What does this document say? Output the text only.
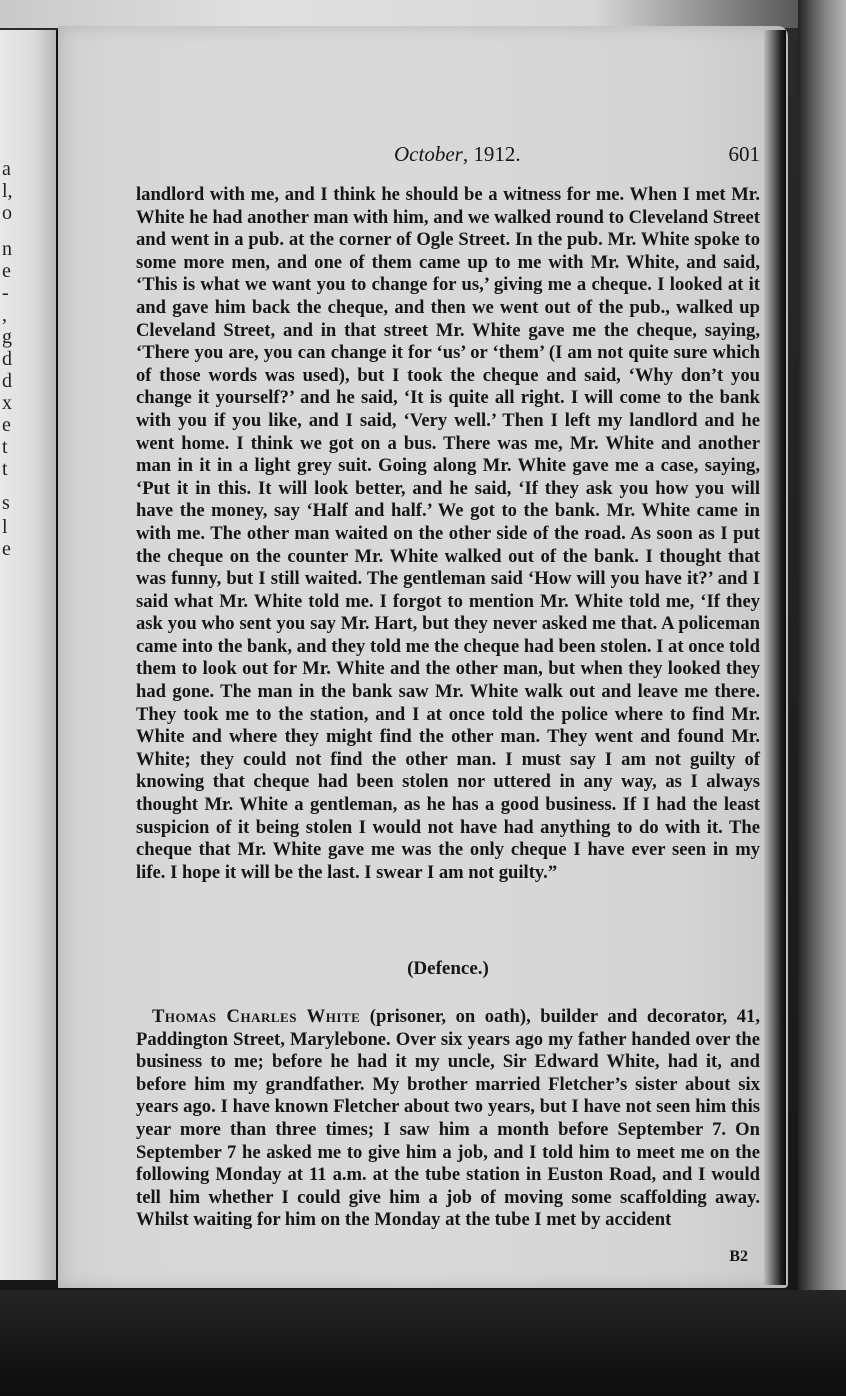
a
l,
o
n
e
-
,
g
d
d
x
e
t
t
s
l
e
October, 1912.	601

landlord with me, and I think he should be a witness for me. When I met Mr. White he had another man with him, and we walked round to Cleveland Street and went in a pub. at the corner of Ogle Street. In the pub. Mr. White spoke to some more men, and one of them came up to me with Mr. White, and said, ‘This is what we want you to change for us,’ giving me a cheque. I looked at it and gave him back the cheque, and then we went out of the pub., walked up Cleveland Street, and in that street Mr. White gave me the cheque, saying, ‘There you are, you can change it for ‘us’ or ‘them’ (I am not quite sure which of those words was used), but I took the cheque and said, ‘Why don’t you change it yourself?’ and he said, ‘It is quite all right. I will come to the bank with you if you like, and I said, ‘Very well.’ Then I left my landlord and he went home. I think we got on a bus. There was me, Mr. White and another man in it in a light grey suit. Going along Mr. White gave me a case, saying, ‘Put it in this. It will look better, and he said, ‘If they ask you how you will have the money, say ‘Half and half.’ We got to the bank. Mr. White came in with me. The other man waited on the other side of the road. As soon as I put the cheque on the counter Mr. White walked out of the bank. I thought that was funny, but I still waited. The gentleman said ‘How will you have it?’ and I said what Mr. White told me. I forgot to mention Mr. White told me, ‘If they ask you who sent you say Mr. Hart, but they never asked me that. A policeman came into the bank, and they told me the cheque had been stolen. I at once told them to look out for Mr. White and the other man, but when they looked they had gone. The man in the bank saw Mr. White walk out and leave me there. They took me to the station, and I at once told the police where to find Mr. White and where they might find the other man. They went and found Mr. White; they could not find the other man. I must say I am not guilty of knowing that cheque had been stolen nor uttered in any way, as I always thought Mr. White a gentleman, as he has a good business. If I had the least suspicion of it being stolen I would not have had anything to do with it. The cheque that Mr. White gave me was the only cheque I have ever seen in my life. I hope it will be the last. I swear I am not guilty.”

(Defence.)

Thomas Charles White (prisoner, on oath), builder and decorator, 41, Paddington Street, Marylebone. Over six years ago my father handed over the business to me; before he had it my uncle, Sir Edward White, had it, and before him my grandfather. My brother married Fletcher’s sister about six years ago. I have known Fletcher about two years, but I have not seen him this year more than three times; I saw him a month before September 7. On September 7 he asked me to give him a job, and I told him to meet me on the following Monday at 11 a.m. at the tube station in Euston Road, and I would tell him whether I could give him a job of moving some scaffolding away. Whilst waiting for him on the Monday at the tube I met by accident

B2
